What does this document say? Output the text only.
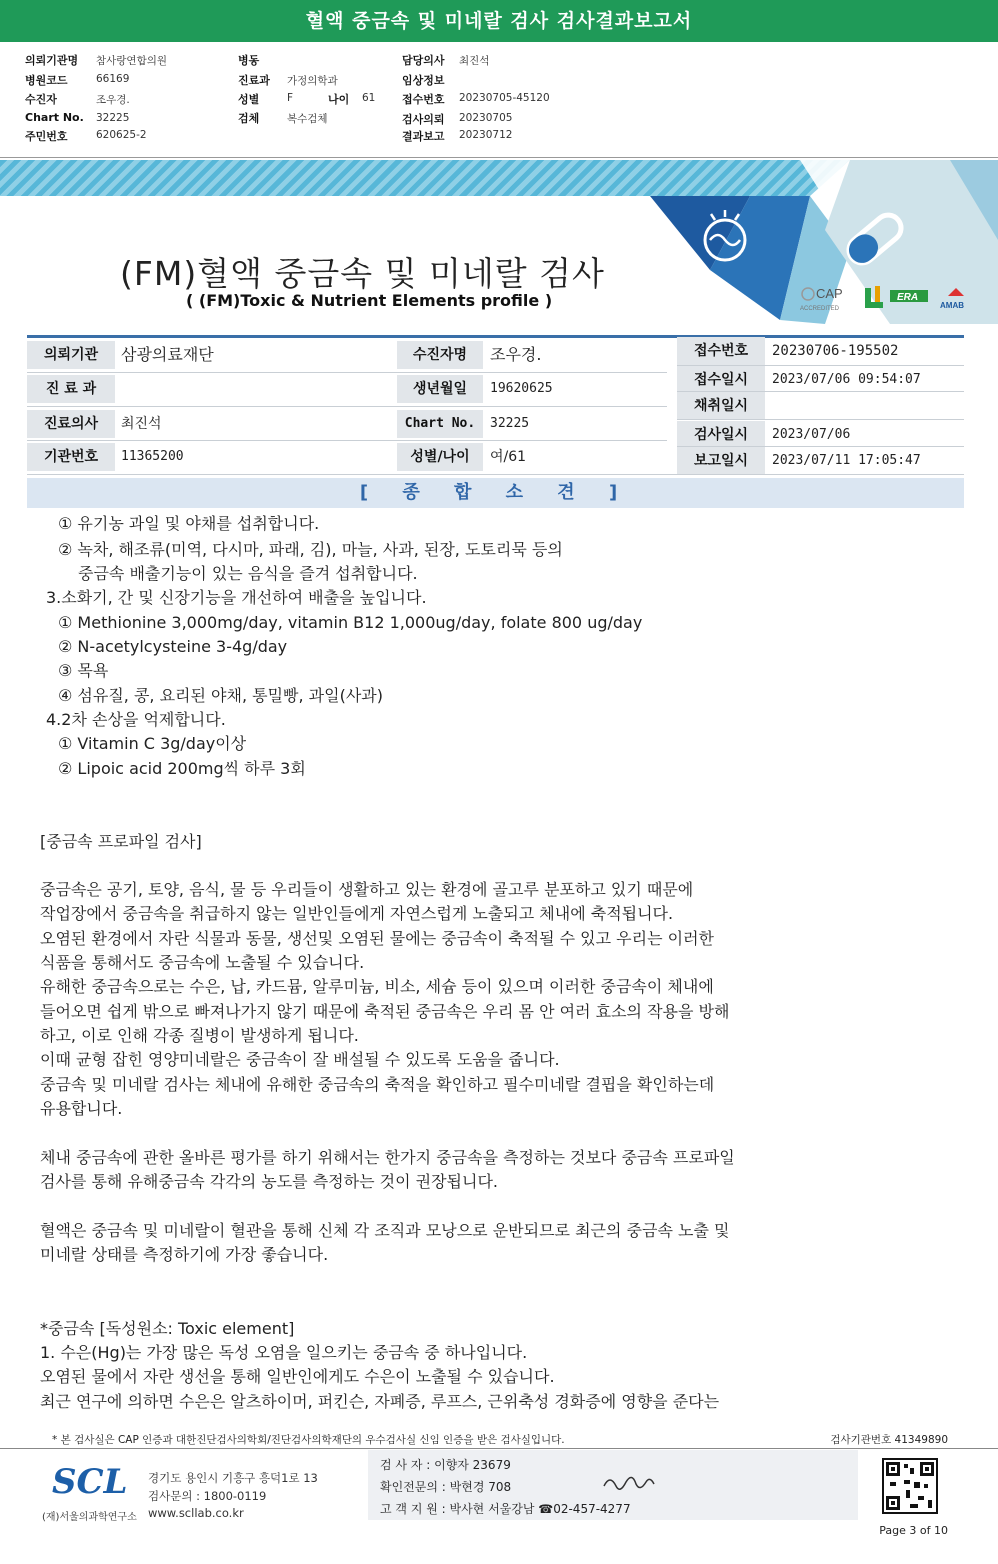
혈액 중금속 및 미네랄 검사 검사결과보고서
의뢰기관명 참사랑연합의원
병원코드	66169
수진자	조우경.
Chart No. 32225
주민번호	620625-2
병동
진료과 가정의학과
성별	F	나이 61
검체	복수검체
담당의사 최진석
임상정보
접수번호 20230705-45120
검사의뢰 20230705
결과보고 20230712
CAP
ACCREDITED
ERA
AMAB
(FM)혈액 중금속 및 미네랄 검사
( (FM)Toxic & Nutrient Elements profile )
의뢰기관	삼광의료재단
진 료 과
진료의사	최진석
기관번호	11365200
수진자명	조우경.
생년월일	19620625
Chart No.	32225
성별/나이	여/61
접수번호	20230706-195502
접수일시	2023/07/06 09:54:07
채취일시
검사일시	2023/07/06
보고일시	2023/07/11 17:05:47
[ 종 합 소 견 ]
① 유기농 과일 및 야채를 섭취합니다.
② 녹차, 해조류(미역, 다시마, 파래, 김), 마늘, 사과, 된장, 도토리묵 등의
중금속 배출기능이 있는 음식을 즐겨 섭취합니다.
3.소화기, 간 및 신장기능을 개선하여 배출을 높입니다.
① Methionine 3,000mg/day, vitamin B12 1,000ug/day, folate 800 ug/day
② N-acetylcysteine 3-4g/day
③ 목욕
④ 섬유질, 콩, 요리된 야채, 통밀빵, 과일(사과)
4.2차 손상을 억제합니다.
① Vitamin C 3g/day이상
② Lipoic acid 200mg씩 하루 3회
[중금속 프로파일 검사]
중금속은 공기, 토양, 음식, 물 등 우리들이 생활하고 있는 환경에 골고루 분포하고 있기 때문에
작업장에서 중금속을 취급하지 않는 일반인들에게 자연스럽게 노출되고 체내에 축적됩니다.
오염된 환경에서 자란 식물과 동물, 생선및 오염된 물에는 중금속이 축적될 수 있고 우리는 이러한
식품을 통해서도 중금속에 노출될 수 있습니다.
유해한 중금속으로는 수은, 납, 카드뮴, 알루미늄, 비소, 세슘 등이 있으며 이러한 중금속이 체내에
들어오면 쉽게 밖으로 빠져나가지 않기 때문에 축적된 중금속은 우리 몸 안 여러 효소의 작용을 방해
하고, 이로 인해 각종 질병이 발생하게 됩니다.
이때 균형 잡힌 영양미네랄은 중금속이 잘 배설될 수 있도록 도움을 줍니다.
중금속 및 미네랄 검사는 체내에 유해한 중금속의 축적을 확인하고 필수미네랄 결핍을 확인하는데
유용합니다.
체내 중금속에 관한 올바른 평가를 하기 위해서는 한가지 중금속을 측정하는 것보다 중금속 프로파일
검사를 통해 유해중금속 각각의 농도를 측정하는 것이 권장됩니다.
혈액은 중금속 및 미네랄이 혈관을 통해 신체 각 조직과 모낭으로 운반되므로 최근의 중금속 노출 및
미네랄 상태를 측정하기에 가장 좋습니다.
*중금속 [독성원소: Toxic element]
1. 수은(Hg)는 가장 많은 독성 오염을 일으키는 중금속 중 하나입니다.
오염된 물에서 자란 생선을 통해 일반인에게도 수은이 노출될 수 있습니다.
최근 연구에 의하면 수은은 알츠하이머, 퍼킨슨, 자폐증, 루프스, 근위축성 경화증에 영향을 준다는
* 본 검사실은 CAP 인증과 대한진단검사의학회/진단검사의학재단의 우수검사실 신임 인증을 받은 검사실입니다.	검사기관번호 41349890
SCL
(재)서울의과학연구소
경기도 용인시 기흥구 흥덕1로 13
검사문의 : 1800-0119
www.scllab.co.kr
검 사 자 : 이향자 23679
확인전문의 : 박현경 708
고 객 지 원 : 박사현 서울강남 ☎02-457-4277
Page 3 of 10
